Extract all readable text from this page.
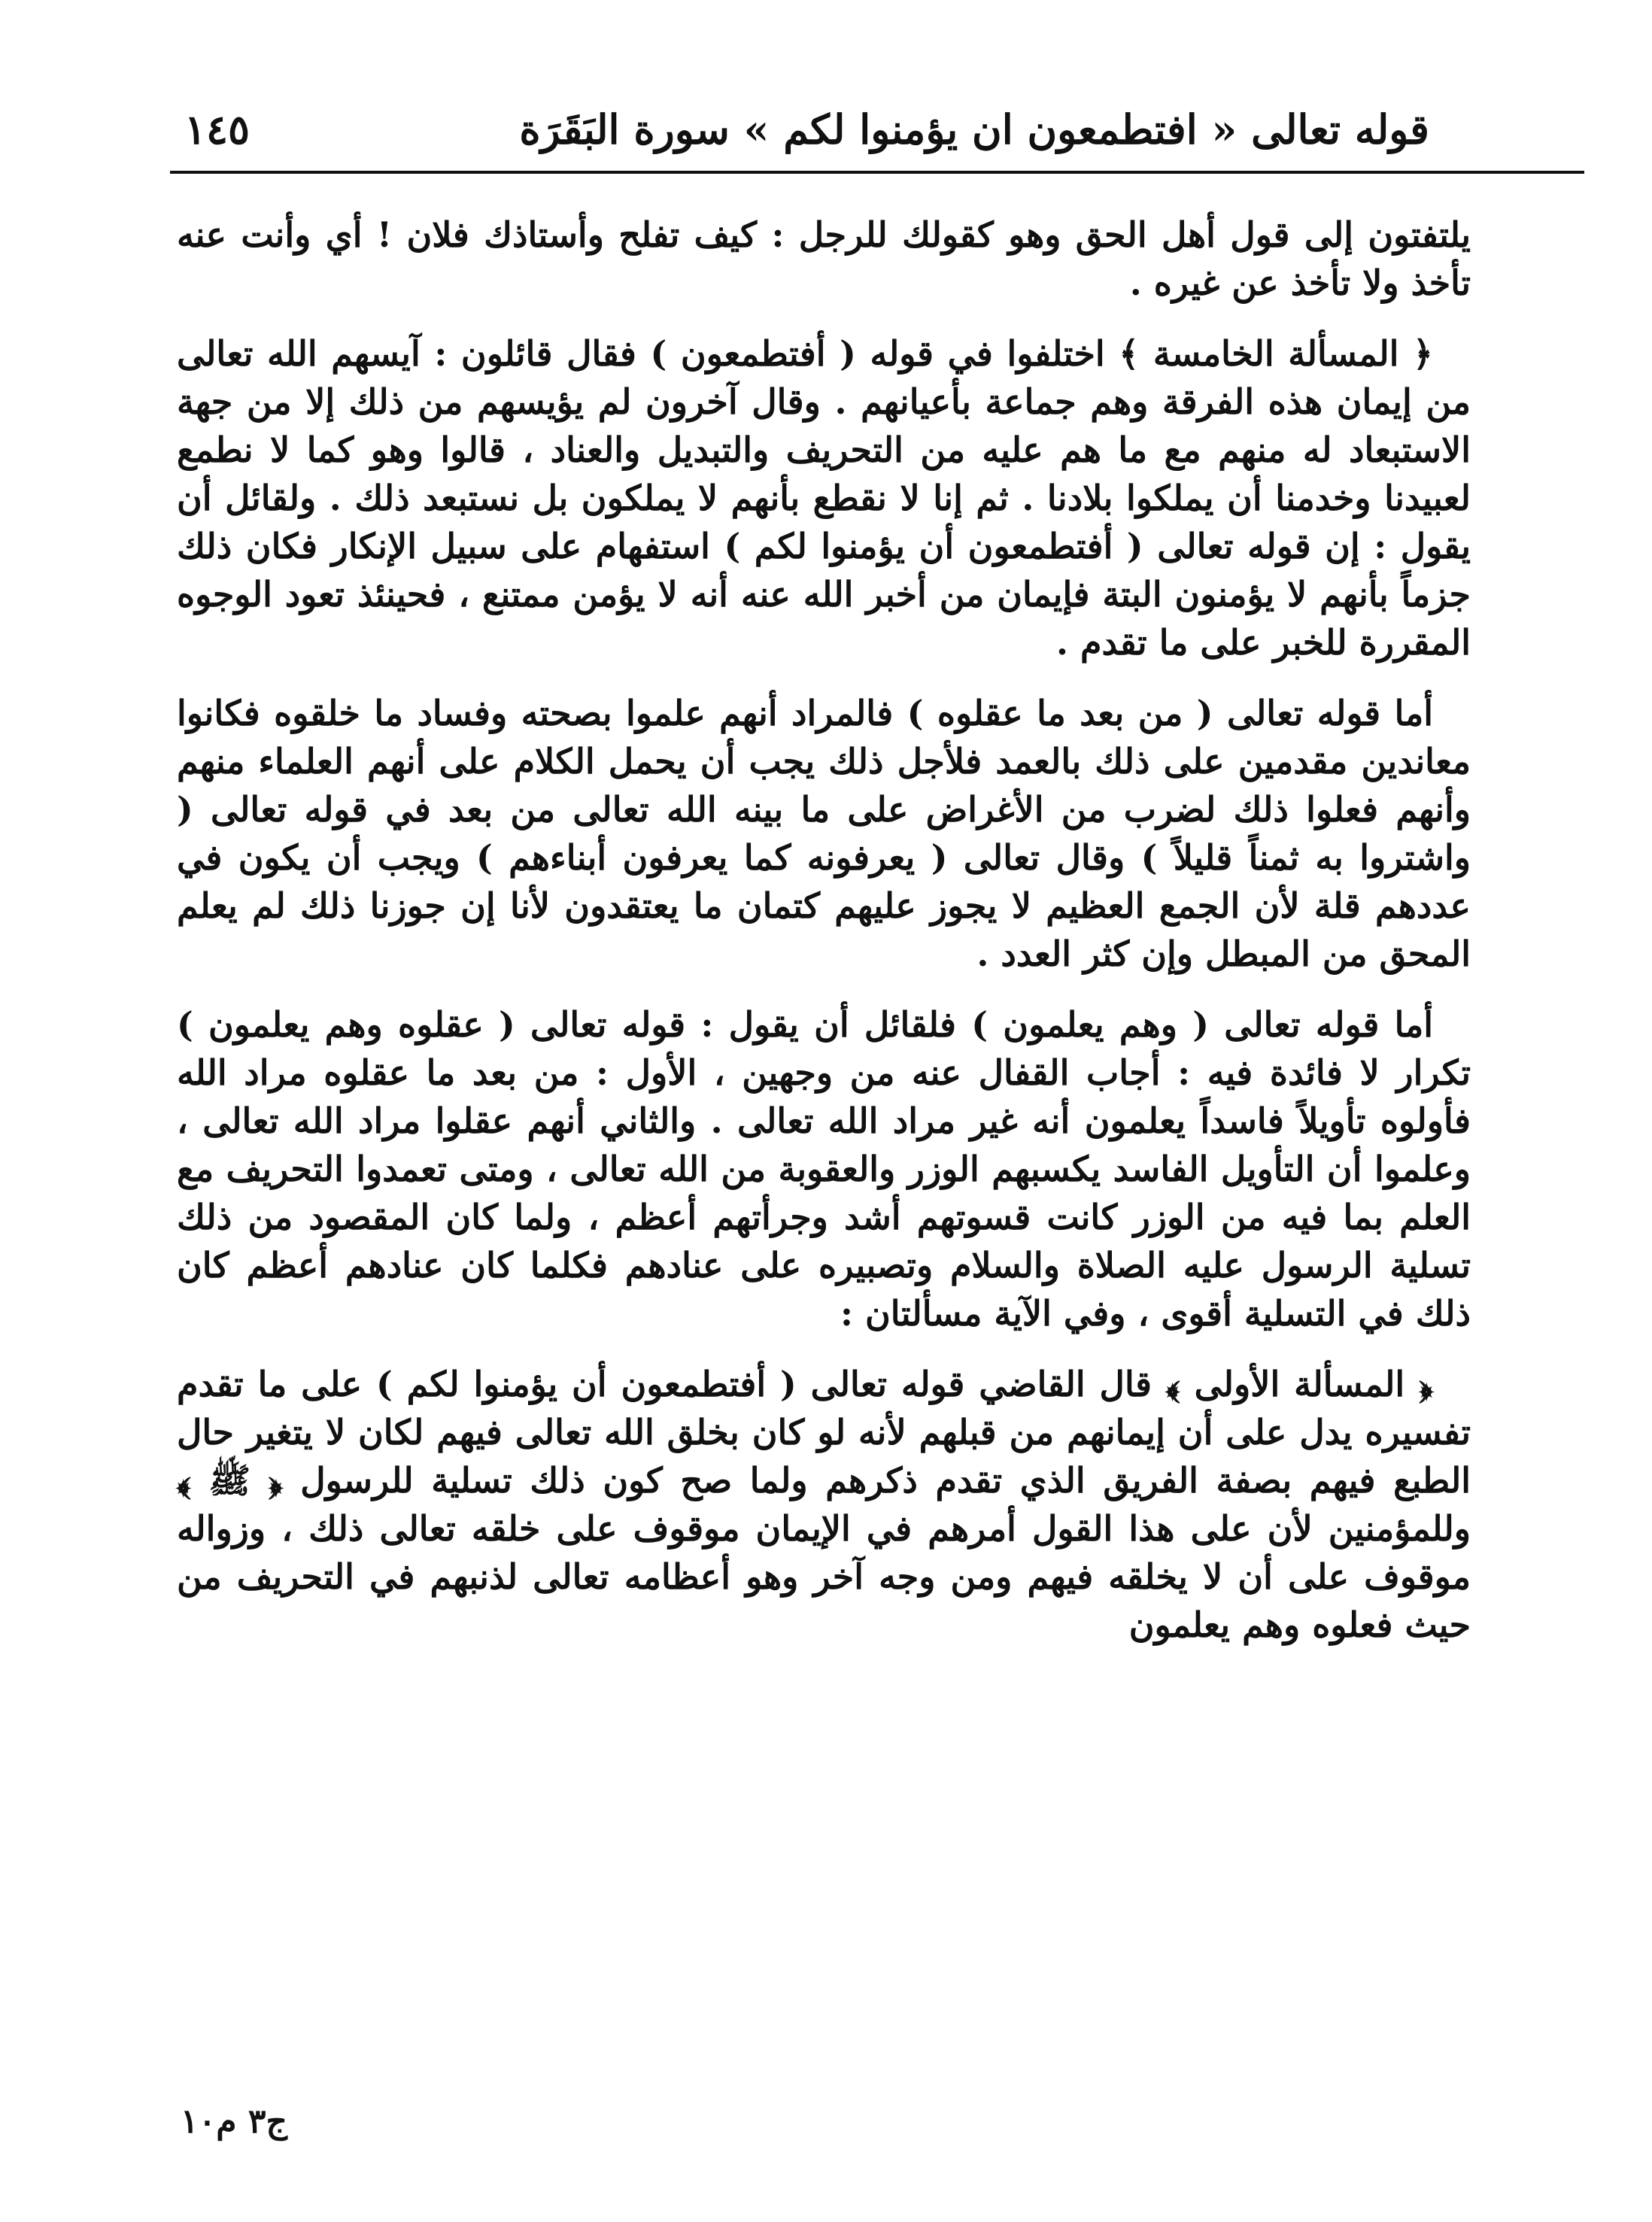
قوله تعالى « افتطمعون ان يؤمنوا لكم » سورة البَقَرَة
١٤٥

يلتفتون إلى قول أهل الحق وهو كقولك للرجل : كيف تفلح وأستاذك فلان ! أي وأنت عنه تأخذ ولا تأخذ عن غيره .

﴿ المسألة الخامسة ﴾ اختلفوا في قوله ( أفتطمعون ) فقال قائلون : آيسهم الله تعالى من إيمان هذه الفرقة وهم جماعة بأعيانهم . وقال آخرون لم يؤيسهم من ذلك إلا من جهة الاستبعاد له منهم مع ما هم عليه من التحريف والتبديل والعناد ، قالوا وهو كما لا نطمع لعبيدنا وخدمنا أن يملكوا بلادنا . ثم إنا لا نقطع بأنهم لا يملكون بل نستبعد ذلك . ولقائل أن يقول : إن قوله تعالى ( أفتطمعون أن يؤمنوا لكم ) استفهام على سبيل الإنكار فكان ذلك جزماً بأنهم لا يؤمنون البتة فإيمان من أخبر الله عنه أنه لا يؤمن ممتنع ، فحينئذ تعود الوجوه المقررة للخبر على ما تقدم .

أما قوله تعالى ( من بعد ما عقلوه ) فالمراد أنهم علموا بصحته وفساد ما خلقوه فكانوا معاندين مقدمين على ذلك بالعمد فلأجل ذلك يجب أن يحمل الكلام على أنهم العلماء منهم وأنهم فعلوا ذلك لضرب من الأغراض على ما بينه الله تعالى من بعد في قوله تعالى ( واشتروا به ثمناً قليلاً ) وقال تعالى ( يعرفونه كما يعرفون أبناءهم ) ويجب أن يكون في عددهم قلة لأن الجمع العظيم لا يجوز عليهم كتمان ما يعتقدون لأنا إن جوزنا ذلك لم يعلم المحق من المبطل وإن كثر العدد .

أما قوله تعالى ( وهم يعلمون ) فلقائل أن يقول : قوله تعالى ( عقلوه وهم يعلمون ) تكرار لا فائدة فيه : أجاب القفال عنه من وجهين ، الأول : من بعد ما عقلوه مراد الله فأولوه تأويلاً فاسداً يعلمون أنه غير مراد الله تعالى . والثاني أنهم عقلوا مراد الله تعالى ، وعلموا أن التأويل الفاسد يكسبهم الوزر والعقوبة من الله تعالى ، ومتى تعمدوا التحريف مع العلم بما فيه من الوزر كانت قسوتهم أشد وجرأتهم أعظم ، ولما كان المقصود من ذلك تسلية الرسول عليه الصلاة والسلام وتصبيره على عنادهم فكلما كان عنادهم أعظم كان ذلك في التسلية أقوى ، وفي الآية مسألتان :

﴿ المسألة الأولى ﴾ قال القاضي قوله تعالى ( أفتطمعون أن يؤمنوا لكم ) على ما تقدم تفسيره يدل على أن إيمانهم من قبلهم لأنه لو كان بخلق الله تعالى فيهم لكان لا يتغير حال الطبع فيهم بصفة الفريق الذي تقدم ذكرهم ولما صح كون ذلك تسلية للرسول ﴿ ﷺ ﴾ وللمؤمنين لأن على هذا القول أمرهم في الإيمان موقوف على خلقه تعالى ذلك ، وزواله موقوف على أن لا يخلقه فيهم ومن وجه آخر وهو أعظامه تعالى لذنبهم في التحريف من حيث فعلوه وهم يعلمون

ج٣ م١٠
